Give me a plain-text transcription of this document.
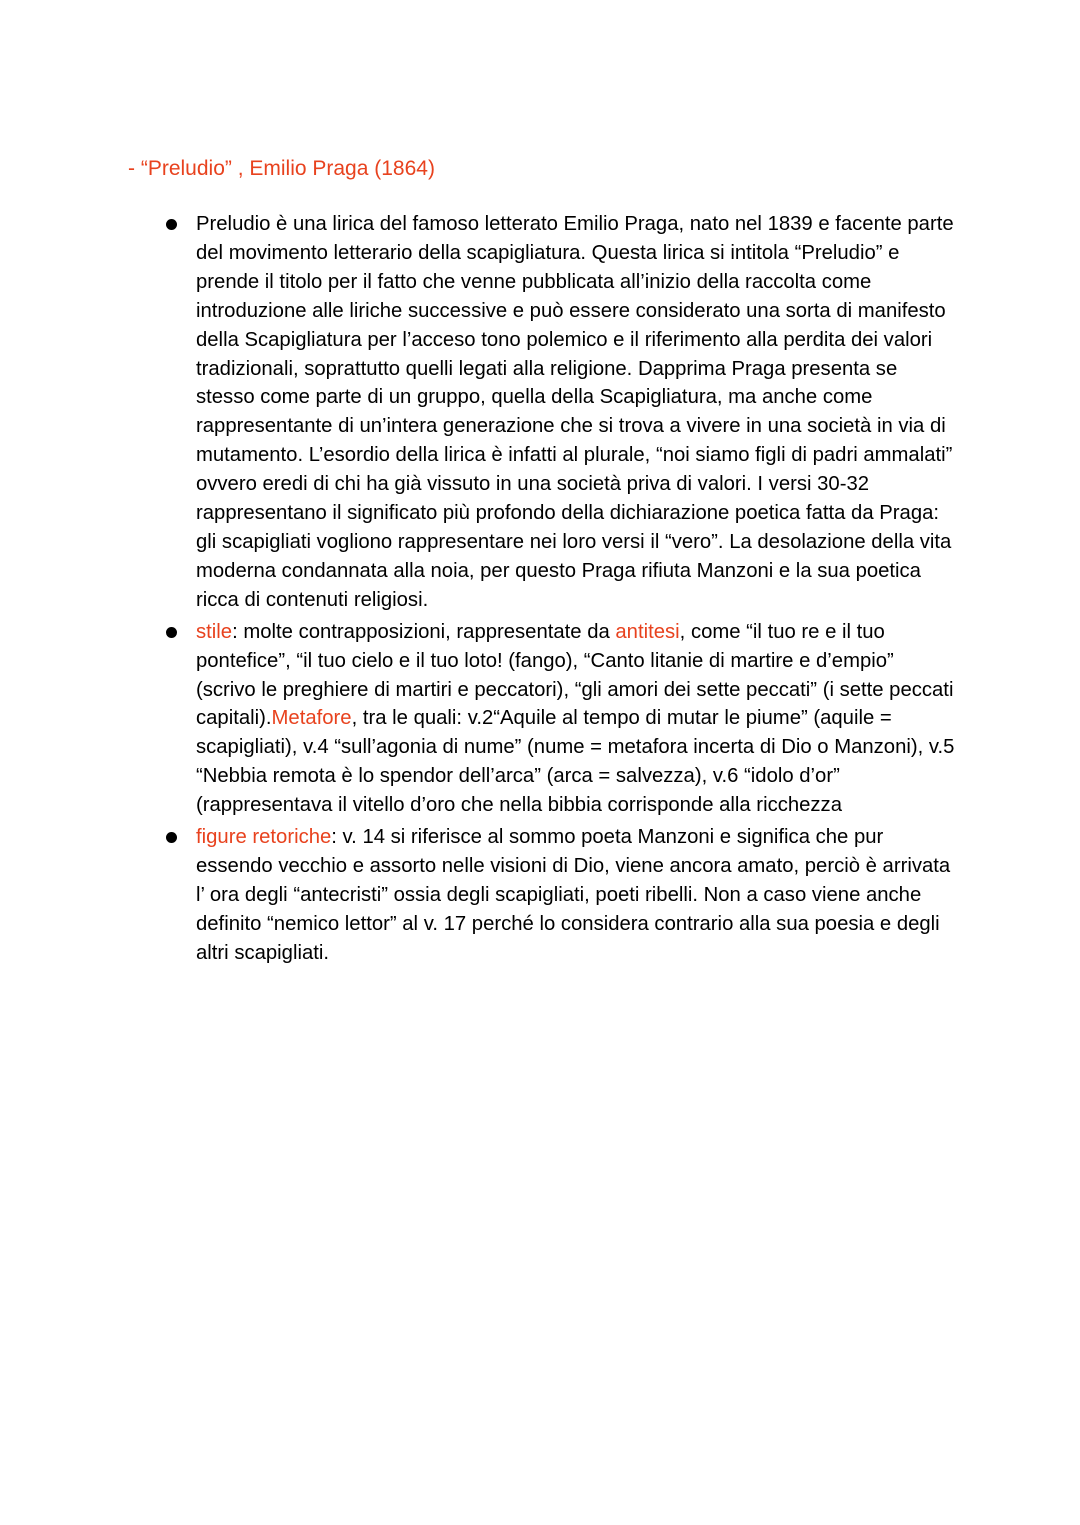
- “Preludio” , Emilio Praga (1864)
Preludio è una lirica del famoso letterato Emilio Praga, nato nel 1839 e facente parte del movimento letterario della scapigliatura. Questa lirica si intitola “Preludio” e prende il titolo per il fatto che venne pubblicata all’inizio della raccolta come introduzione alle liriche successive e può essere considerato una sorta di manifesto della Scapigliatura per l’acceso tono polemico e il riferimento alla perdita dei valori tradizionali, soprattutto quelli legati alla religione. Dapprima Praga presenta se stesso come parte di un gruppo, quella della Scapigliatura, ma anche come rappresentante di un’intera generazione che si trova a vivere in una società in via di mutamento. L’esordio della lirica è infatti al plurale, “noi siamo figli di padri ammalati” ovvero eredi di chi ha già vissuto in una società priva di valori. I versi 30-32 rappresentano il significato più profondo della dichiarazione poetica fatta da Praga: gli scapigliati vogliono rappresentare nei loro versi il “vero”. La desolazione della vita moderna condannata alla noia, per questo Praga rifiuta Manzoni e la sua poetica ricca di contenuti religiosi.
stile: molte contrapposizioni, rappresentate da antitesi, come “il tuo re e il tuo pontefice”, “il tuo cielo e il tuo loto! (fango), “Canto litanie di martire e d’empio” (scrivo le preghiere di martiri e peccatori), “gli amori dei sette peccati” (i sette peccati capitali).Metafore, tra le quali: v.2“Aquile al tempo di mutar le piume” (aquile = scapigliati), v.4 “sull’agonia di nume” (nume = metafora incerta di Dio o Manzoni), v.5 “Nebbia remota è lo spendor dell’arca” (arca = salvezza), v.6 “idolo d’or” (rappresentava il vitello d’oro che nella bibbia corrisponde alla ricchezza
figure retoriche: v. 14 si riferisce al sommo poeta Manzoni e significa che pur essendo vecchio e assorto nelle visioni di Dio, viene ancora amato, perciò è arrivata l’ ora degli “antecristi” ossia degli scapigliati, poeti ribelli. Non a caso viene anche definito “nemico lettor” al v. 17 perché lo considera contrario alla sua poesia e degli altri scapigliati.
